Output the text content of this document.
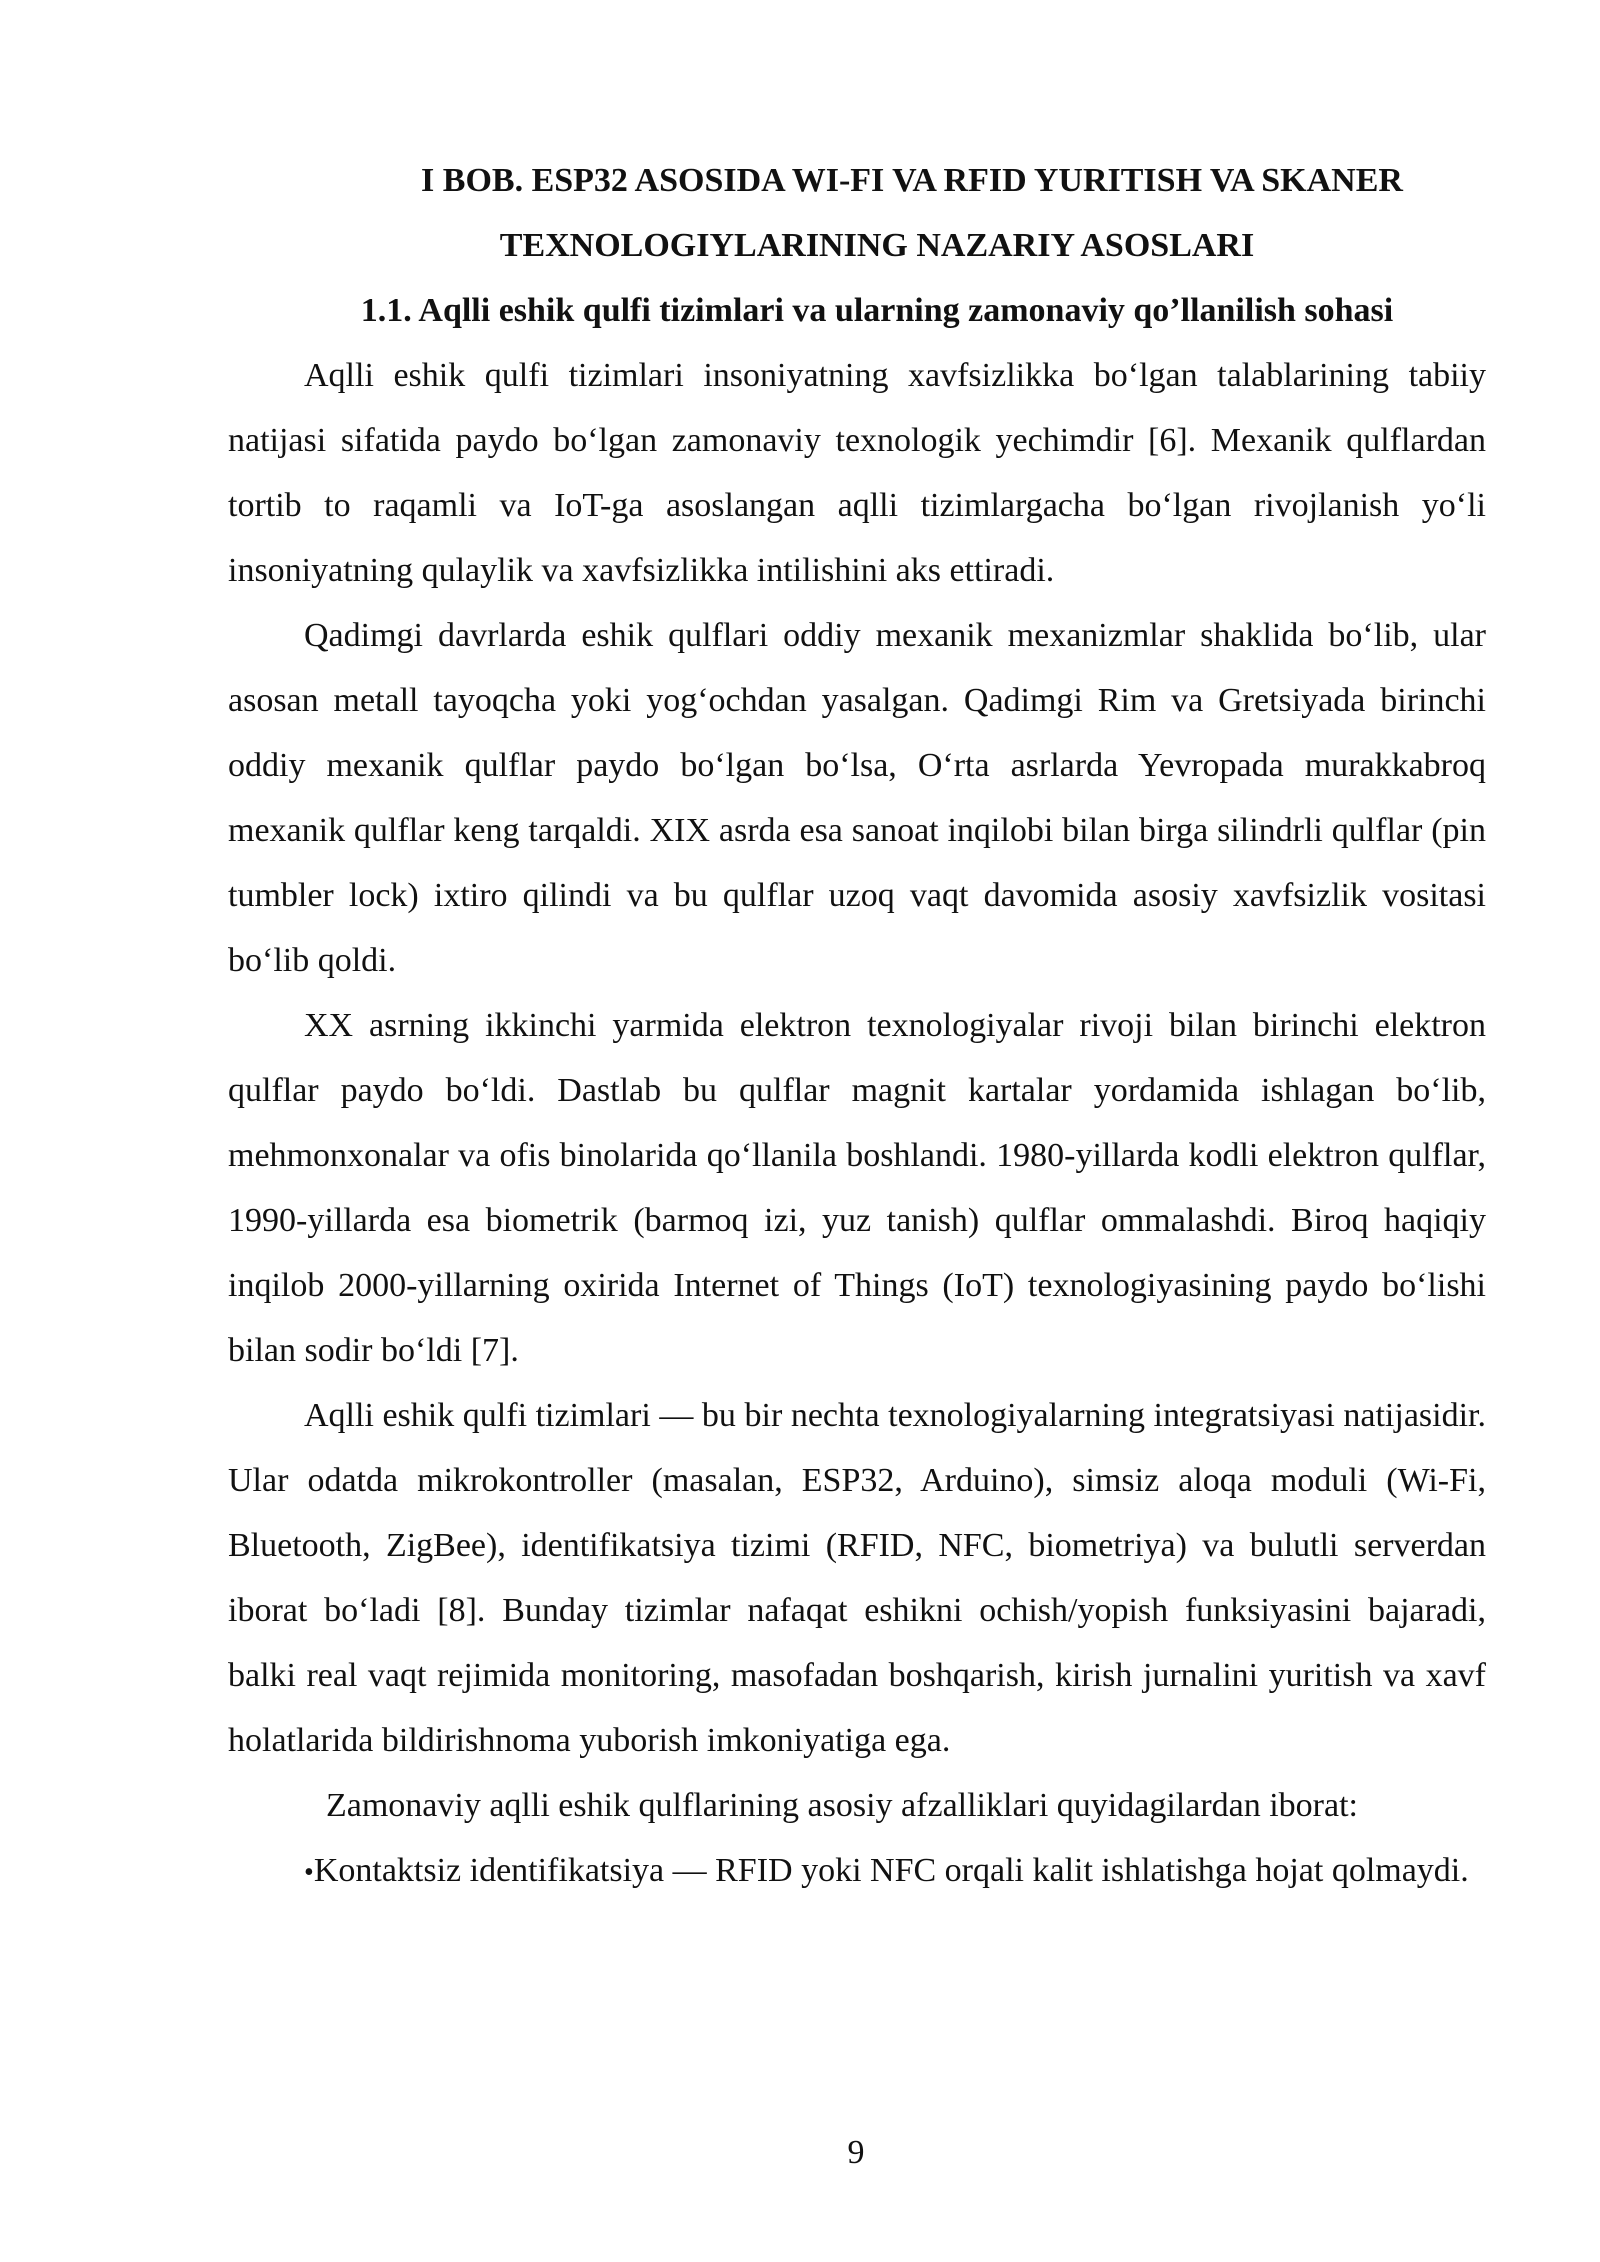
I BOB. ESP32 ASOSIDA WI-FI VA RFID YURITISH VA SKANER
TEXNOLOGIYLARINING NAZARIY ASOSLARI
1.1. Aqlli eshik qulfi tizimlari va ularning zamonaviy qo’llanilish sohasi

Aqlli eshik qulfi tizimlari insoniyatning xavfsizlikka bo‘lgan talablarining tabiiy natijasi sifatida paydo bo‘lgan zamonaviy texnologik yechimdir [6]. Mexanik qulflardan tortib to raqamli va IoT-ga asoslangan aqlli tizimlargacha bo‘lgan rivojlanish yo‘li insoniyatning qulaylik va xavfsizlikka intilishini aks ettiradi.

Qadimgi davrlarda eshik qulflari oddiy mexanik mexanizmlar shaklida bo‘lib, ular asosan metall tayoqcha yoki yog‘ochdan yasalgan. Qadimgi Rim va Gretsiyada birinchi oddiy mexanik qulflar paydo bo‘lgan bo‘lsa, O‘rta asrlarda Yevropada murakkabroq mexanik qulflar keng tarqaldi. XIX asrda esa sanoat inqilobi bilan birga silindrli qulflar (pin tumbler lock) ixtiro qilindi va bu qulflar uzoq vaqt davomida asosiy xavfsizlik vositasi bo‘lib qoldi.

XX asrning ikkinchi yarmida elektron texnologiyalar rivoji bilan birinchi elektron qulflar paydo bo‘ldi. Dastlab bu qulflar magnit kartalar yordamida ishlagan bo‘lib, mehmonxonalar va ofis binolarida qo‘llanila boshlandi. 1980-yillarda kodli elektron qulflar, 1990-yillarda esa biometrik (barmoq izi, yuz tanish) qulflar ommalashdi. Biroq haqiqiy inqilob 2000-yillarning oxirida Internet of Things (IoT) texnologiyasining paydo bo‘lishi bilan sodir bo‘ldi [7].

Aqlli eshik qulfi tizimlari — bu bir nechta texnologiyalarning integratsiyasi natijasidir. Ular odatda mikrokontroller (masalan, ESP32, Arduino), simsiz aloqa moduli (Wi-Fi, Bluetooth, ZigBee), identifikatsiya tizimi (RFID, NFC, biometriya) va bulutli serverdan iborat bo‘ladi [8]. Bunday tizimlar nafaqat eshikni ochish/yopish funksiyasini bajaradi, balki real vaqt rejimida monitoring, masofadan boshqarish, kirish jurnalini yuritish va xavf holatlarida bildirishnoma yuborish imkoniyatiga ega.

Zamonaviy aqlli eshik qulflarining asosiy afzalliklari quyidagilardan iborat:

•Kontaktsiz identifikatsiya — RFID yoki NFC orqali kalit ishlatishga hojat qolmaydi.

9
